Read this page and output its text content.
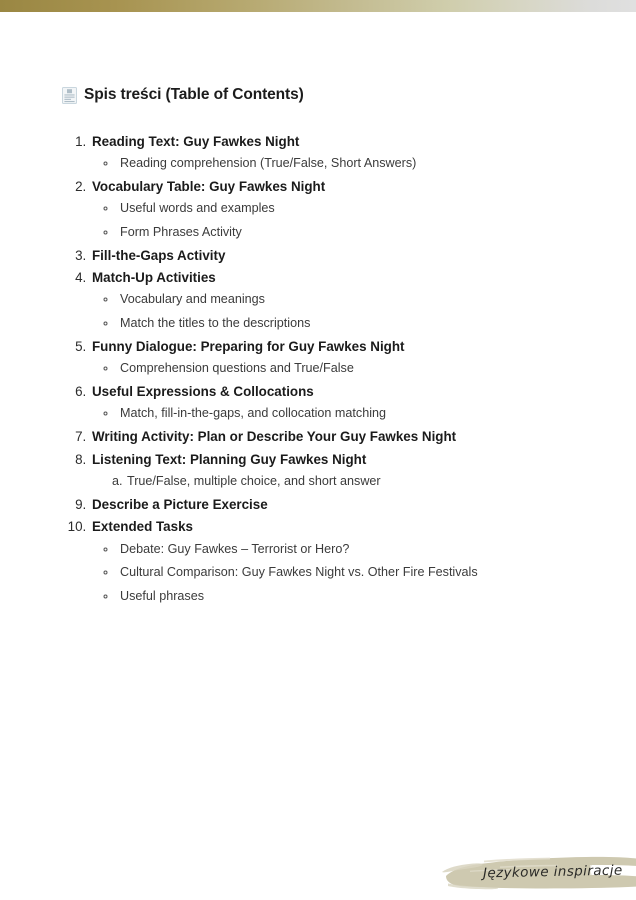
Spis treści (Table of Contents)
1. Reading Text: Guy Fawkes Night
◦ Reading comprehension (True/False, Short Answers)
2. Vocabulary Table: Guy Fawkes Night
◦ Useful words and examples
◦ Form Phrases Activity
3. Fill-the-Gaps Activity
4. Match-Up Activities
◦ Vocabulary and meanings
◦ Match the titles to the descriptions
5. Funny Dialogue: Preparing for Guy Fawkes Night
◦ Comprehension questions and True/False
6. Useful Expressions & Collocations
◦ Match, fill-in-the-gaps, and collocation matching
7. Writing Activity: Plan or Describe Your Guy Fawkes Night
8. Listening Text: Planning Guy Fawkes Night
a. True/False, multiple choice, and short answer
9. Describe a Picture Exercise
10. Extended Tasks
◦ Debate: Guy Fawkes – Terrorist or Hero?
◦ Cultural Comparison: Guy Fawkes Night vs. Other Fire Festivals
◦ Useful phrases
Językowe inspiracje
